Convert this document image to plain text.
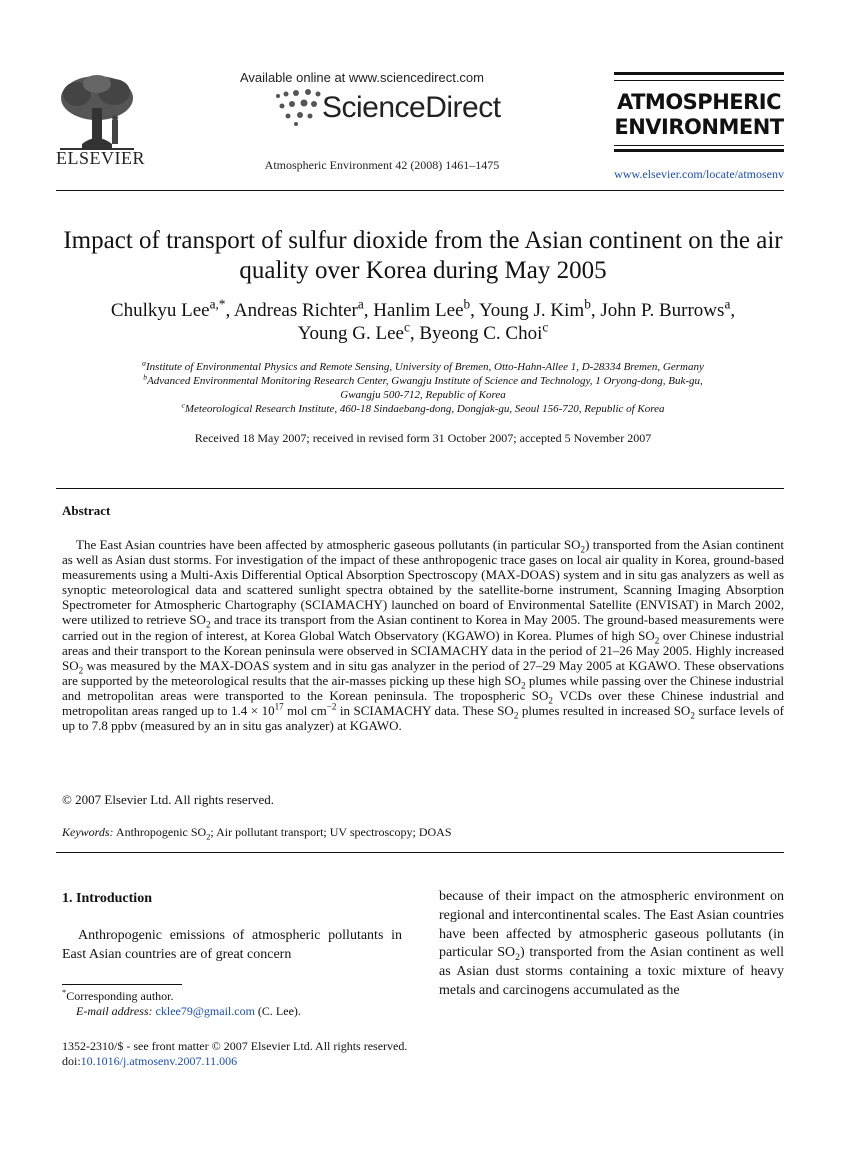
ELSEVIER
Available online at www.sciencedirect.com
ScienceDirect
Atmospheric Environment 42 (2008) 1461–1475
ATMOSPHERIC
ENVIRONMENT
www.elsevier.com/locate/atmosenv
Impact of transport of sulfur dioxide from the Asian continent on the air quality over Korea during May 2005
Chulkyu Lee$^{a,*}$, Andreas Richter$^a$, Hanlim Lee$^b$, Young J. Kim$^b$, John P. Burrows$^a$,
Young G. Lee$^c$, Byeong C. Choi$^c$
$^a$Institute of Environmental Physics and Remote Sensing, University of Bremen, Otto-Hahn-Allee 1, D-28334 Bremen, Germany
$^b$Advanced Environmental Monitoring Research Center, Gwangju Institute of Science and Technology, 1 Oryong-dong, Buk-gu,
Gwangju 500-712, Republic of Korea
$^c$Meteorological Research Institute, 460-18 Sindaebang-dong, Dongjak-gu, Seoul 156-720, Republic of Korea
Received 18 May 2007; received in revised form 31 October 2007; accepted 5 November 2007
Abstract
The East Asian countries have been affected by atmospheric gaseous pollutants (in particular $SO_2$) transported from the Asian continent as well as Asian dust storms. For investigation of the impact of these anthropogenic trace gases on local air quality in Korea, ground-based measurements using a Multi-Axis Differential Optical Absorption Spectroscopy (MAX-DOAS) system and in situ gas analyzers as well as synoptic meteorological data and scattered sunlight spectra obtained by the satellite-borne instrument, Scanning Imaging Absorption Spectrometer for Atmospheric Chartography (SCIAMACHY) launched on board of Environmental Satellite (ENVISAT) in March 2002, were utilized to retrieve $SO_2$ and trace its transport from the Asian continent to Korea in May 2005. The ground-based measurements were carried out in the region of interest, at Korea Global Watch Observatory (KGAWO) in Korea. Plumes of high $SO_2$ over Chinese industrial areas and their transport to the Korean peninsula were observed in SCIAMACHY data in the period of 21–26 May 2005. Highly increased $SO_2$ was measured by the MAX-DOAS system and in situ gas analyzer in the period of 27–29 May 2005 at KGAWO. These observations are supported by the meteorological results that the air-masses picking up these high $SO_2$ plumes while passing over the Chinese industrial and metropolitan areas were transported to the Korean peninsula. The tropospheric $SO_2$ VCDs over these Chinese industrial and metropolitan areas ranged up to $1.4 \times 10^{17}$ mol $cm^{-2}$ in SCIAMACHY data. These $SO_2$ plumes resulted in increased $SO_2$ surface levels of up to 7.8 ppbv (measured by an in situ gas analyzer) at KGAWO.
© 2007 Elsevier Ltd. All rights reserved.
Keywords: Anthropogenic $SO_2$; Air pollutant transport; UV spectroscopy; DOAS
1. Introduction
Anthropogenic emissions of atmospheric pollutants in East Asian countries are of great concern
*Corresponding author.
E-mail address: cklee79@gmail.com (C. Lee).
because of their impact on the atmospheric environment on regional and intercontinental scales. The East Asian countries have been affected by atmospheric gaseous pollutants (in particular $SO_2$) transported from the Asian continent as well as Asian dust storms containing a toxic mixture of heavy metals and carcinogens accumulated as the
1352-2310/$ - see front matter © 2007 Elsevier Ltd. All rights reserved.
doi:10.1016/j.atmosenv.2007.11.006
